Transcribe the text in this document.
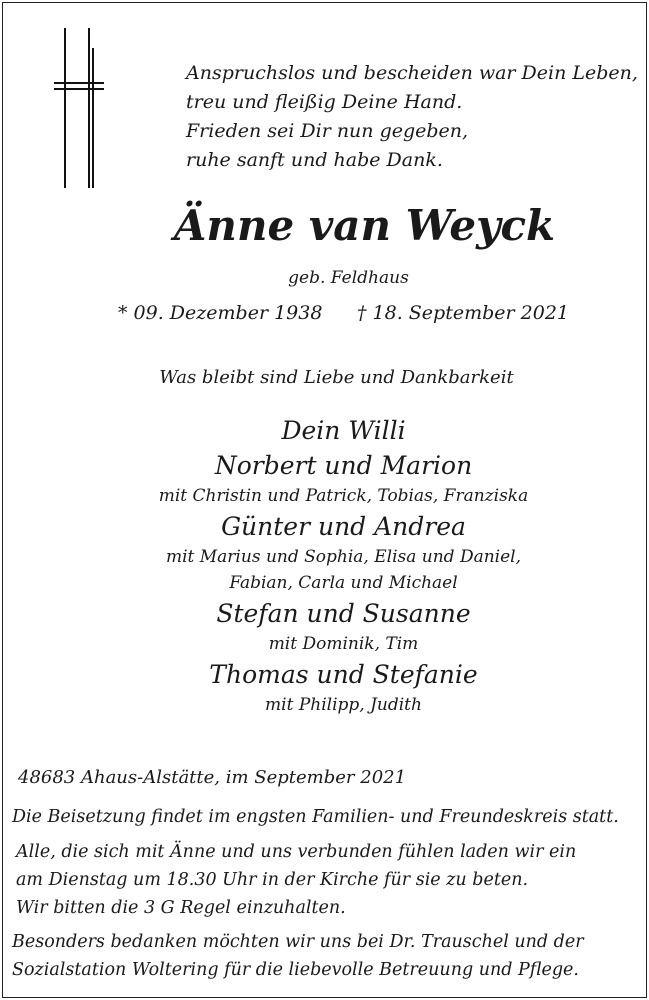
Anspruchslos und bescheiden war Dein Leben,
treu und fleißig Deine Hand.
Frieden sei Dir nun gegeben,
ruhe sanft und habe Dank.
Änne van Weyck
geb. Feldhaus
* 09. Dezember 1938 † 18. September 2021
Was bleibt sind Liebe und Dankbarkeit
Dein Willi
Norbert und Marion
mit Christin und Patrick, Tobias, Franziska
Günter und Andrea
mit Marius und Sophia, Elisa und Daniel,
Fabian, Carla und Michael
Stefan und Susanne
mit Dominik, Tim
Thomas und Stefanie
mit Philipp, Judith
48683 Ahaus-Alstätte, im September 2021
Die Beisetzung findet im engsten Familien- und Freundeskreis statt.
Alle, die sich mit Änne und uns verbunden fühlen laden wir ein
am Dienstag um 18.30 Uhr in der Kirche für sie zu beten.
Wir bitten die 3 G Regel einzuhalten.
Besonders bedanken möchten wir uns bei Dr. Trauschel und der
Sozialstation Woltering für die liebevolle Betreuung und Pflege.
